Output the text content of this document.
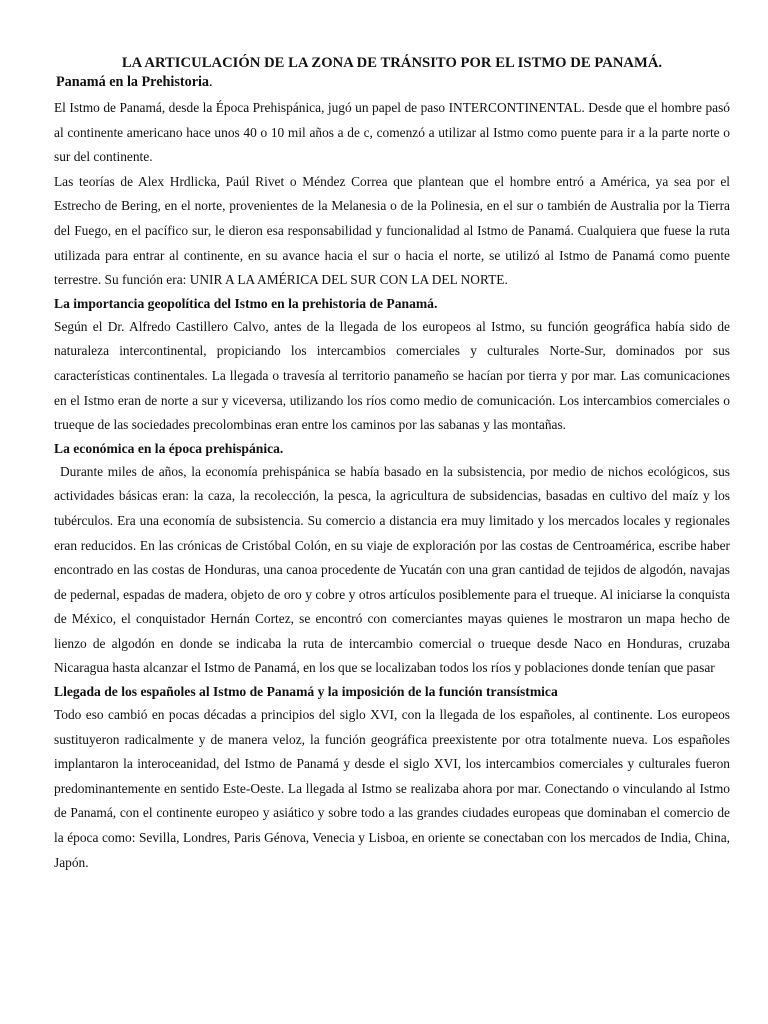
LA ARTICULACIÓN DE LA ZONA DE TRÁNSITO POR EL ISTMO DE PANAMÁ.
Panamá en la Prehistoria.

El Istmo de Panamá, desde la Época Prehispánica, jugó un papel de paso INTERCONTINENTAL. Desde que el hombre pasó al continente americano hace unos 40 o 10 mil años a de c, comenzó a utilizar al Istmo como puente para ir a la parte norte o sur del continente.

Las teorías de Alex Hrdlicka, Paúl Rivet o Méndez Correa que plantean que el hombre entró a América, ya sea por el Estrecho de Bering, en el norte, provenientes de la Melanesia o de la Polinesia, en el sur o también de Australia por la Tierra del Fuego, en el pacífico sur, le dieron esa responsabilidad y funcionalidad al Istmo de Panamá. Cualquiera que fuese la ruta utilizada para entrar al continente, en su avance hacia el sur o hacia el norte, se utilizó al Istmo de Panamá como puente terrestre. Su función era: UNIR A LA AMÉRICA DEL SUR CON LA DEL NORTE.

La importancia geopolítica del Istmo en la prehistoria de Panamá.

Según el Dr. Alfredo Castillero Calvo, antes de la llegada de los europeos al Istmo, su función geográfica había sido de naturaleza intercontinental, propiciando los intercambios comerciales y culturales Norte-Sur, dominados por sus características continentales. La llegada o travesía al territorio panameño se hacían por tierra y por mar. Las comunicaciones en el Istmo eran de norte a sur y viceversa, utilizando los ríos como medio de comunicación. Los intercambios comerciales o trueque de las sociedades precolombinas eran entre los caminos por las sabanas y las montañas.

La económica en la época prehispánica.

Durante miles de años, la economía prehispánica se había basado en la subsistencia, por medio de nichos ecológicos, sus actividades básicas eran: la caza, la recolección, la pesca, la agricultura de subsidencias, basadas en cultivo del maíz y los tubérculos. Era una economía de subsistencia. Su comercio a distancia era muy limitado y los mercados locales y regionales eran reducidos. En las crónicas de Cristóbal Colón, en su viaje de exploración por las costas de Centroamérica, escribe haber encontrado en las costas de Honduras, una canoa procedente de Yucatán con una gran cantidad de tejidos de algodón, navajas de pedernal, espadas de madera, objeto de oro y cobre y otros artículos posiblemente para el trueque. Al iniciarse la conquista de México, el conquistador Hernán Cortez, se encontró con comerciantes mayas quienes le mostraron un mapa hecho de lienzo de algodón en donde se indicaba la ruta de intercambio comercial o trueque desde Naco en Honduras, cruzaba Nicaragua hasta alcanzar el Istmo de Panamá, en los que se localizaban todos los ríos y poblaciones donde tenían que pasar

Llegada de los españoles al Istmo de Panamá y la imposición de la función transístmica

Todo eso cambió en pocas décadas a principios del siglo XVI, con la llegada de los españoles, al continente. Los europeos sustituyeron radicalmente y de manera veloz, la función geográfica preexistente por otra totalmente nueva. Los españoles implantaron la interoceanidad, del Istmo de Panamá y desde el siglo XVI, los intercambios comerciales y culturales fueron predominantemente en sentido Este-Oeste. La llegada al Istmo se realizaba ahora por mar. Conectando o vinculando al Istmo de Panamá, con el continente europeo y asiático y sobre todo a las grandes ciudades europeas que dominaban el comercio de la época como: Sevilla, Londres, Paris Génova, Venecia y Lisboa, en oriente se conectaban con los mercados de India, China, Japón.
